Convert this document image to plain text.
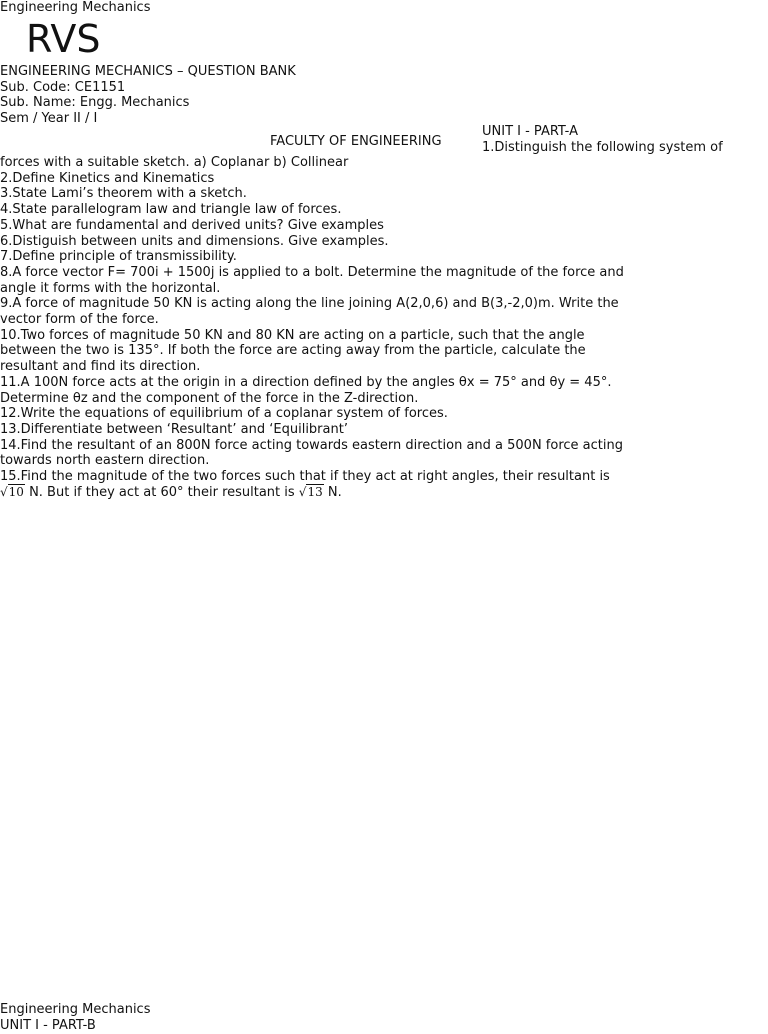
Engineering Mechanics
RVS
ENGINEERING MECHANICS – QUESTION BANK
Sub. Code: CE1151
Sub. Name: Engg. Mechanics
Sem / Year II / I
FACULTY OF ENGINEERING
UNIT I - PART-A
1.Distinguish the following system of
forces with a suitable sketch. a) Coplanar b) Collinear
2.Define Kinetics and Kinematics
3.State Lami’s theorem with a sketch.
4.State parallelogram law and triangle law of forces.
5.What are fundamental and derived units? Give examples
6.Distiguish between units and dimensions. Give examples.
7.Define principle of transmissibility.
8.A force vector F= 700i + 1500j is applied to a bolt. Determine the magnitude of the force and
angle it forms with the horizontal.
9.A force of magnitude 50 KN is acting along the line joining A(2,0,6) and B(3,-2,0)m. Write the
vector form of the force.
10.Two forces of magnitude 50 KN and 80 KN are acting on a particle, such that the angle
between the two is 135°. If both the force are acting away from the particle, calculate the
resultant and find its direction.
11.A 100N force acts at the origin in a direction defined by the angles θx = 75° and θy = 45°.
Determine θz and the component of the force in the Z-direction.
12.Write the equations of equilibrium of a coplanar system of forces.
13.Differentiate between ‘Resultant’ and ‘Equilibrant’
14.Find the resultant of an 800N force acting towards eastern direction and a 500N force acting
towards north eastern direction.
15.Find the magnitude of the two forces such that if they act at right angles, their resultant is
√10 N. But if they act at 60° their resultant is √13 N.
Engineering Mechanics
UNIT I - PART-B
